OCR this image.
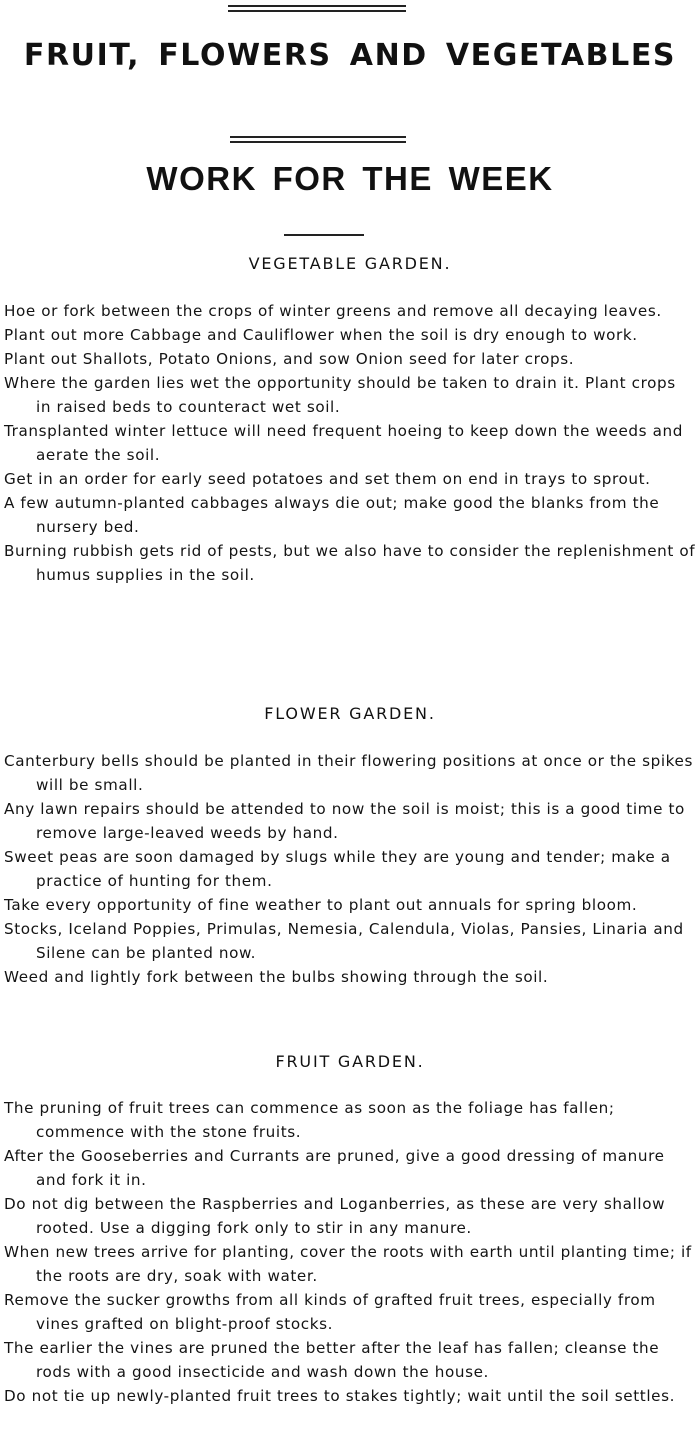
FRUIT, FLOWERS AND VEGETABLES
WORK FOR THE WEEK
VEGETABLE GARDEN.
Hoe or fork between the crops of winter greens and remove all decaying leaves.
Plant out more Cabbage and Cauliflower when the soil is dry enough to work.
Plant out Shallots, Potato Onions, and sow Onion seed for later crops.
Where the garden lies wet the opportunity should be taken to drain it. Plant crops in raised beds to counteract wet soil.
Transplanted winter lettuce will need frequent hoeing to keep down the weeds and aerate the soil.
Get in an order for early seed potatoes and set them on end in trays to sprout.
A few autumn-planted cabbages always die out; make good the blanks from the nursery bed.
Burning rubbish gets rid of pests, but we also have to consider the replenishment of humus supplies in the soil.
FLOWER GARDEN.
Canterbury bells should be planted in their flowering positions at once or the spikes will be small.
Any lawn repairs should be attended to now the soil is moist; this is a good time to remove large-leaved weeds by hand.
Sweet peas are soon damaged by slugs while they are young and tender; make a practice of hunting for them.
Take every opportunity of fine weather to plant out annuals for spring bloom.
Stocks, Iceland Poppies, Primulas, Nemesia, Calendula, Violas, Pansies, Linaria and Silene can be planted now.
Weed and lightly fork between the bulbs showing through the soil.
FRUIT GARDEN.
The pruning of fruit trees can commence as soon as the foliage has fallen; commence with the stone fruits.
After the Gooseberries and Currants are pruned, give a good dressing of manure and fork it in.
Do not dig between the Raspberries and Loganberries, as these are very shallow rooted. Use a digging fork only to stir in any manure.
When new trees arrive for planting, cover the roots with earth until planting time; if the roots are dry, soak with water.
Remove the sucker growths from all kinds of grafted fruit trees, especially from vines grafted on blight-proof stocks.
The earlier the vines are pruned the better after the leaf has fallen; cleanse the rods with a good insecticide and wash down the house.
Do not tie up newly-planted fruit trees to stakes tightly; wait until the soil settles.
